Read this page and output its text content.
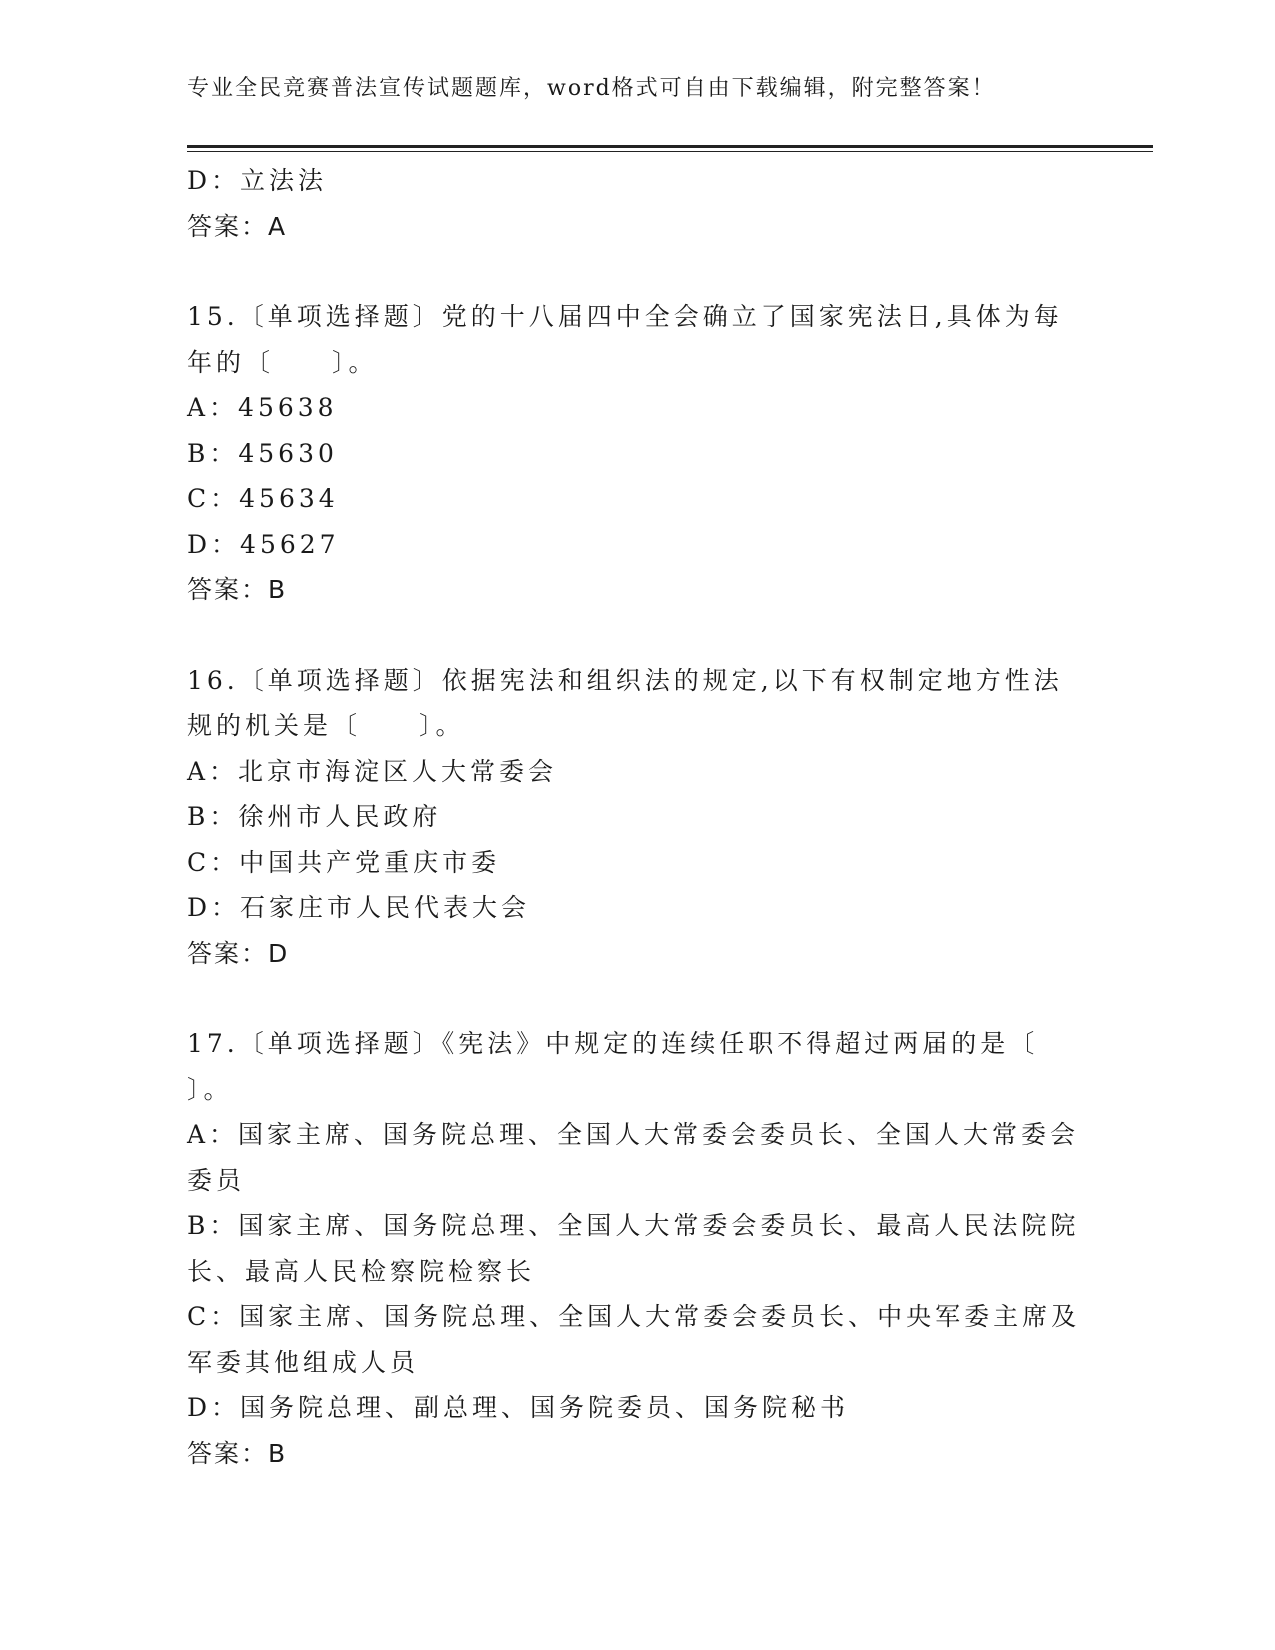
专业全民竞赛普法宣传试题题库，word格式可自由下载编辑，附完整答案！

D：立法法

答案：A

15.〔单项选择题〕党的十八届四中全会确立了国家宪法日,具体为每

年的〔　　〕。

A：45638

B：45630

C：45634

D：45627

答案：B

16.〔单项选择题〕依据宪法和组织法的规定,以下有权制定地方性法

规的机关是〔　　〕。

A：北京市海淀区人大常委会

B：徐州市人民政府

C：中国共产党重庆市委

D：石家庄市人民代表大会

答案：D

17.〔单项选择题〕《宪法》中规定的连续任职不得超过两届的是〔

〕。

A：国家主席、国务院总理、全国人大常委会委员长、全国人大常委会

委员

B：国家主席、国务院总理、全国人大常委会委员长、最高人民法院院

长、最高人民检察院检察长

C：国家主席、国务院总理、全国人大常委会委员长、中央军委主席及

军委其他组成人员

D：国务院总理、副总理、国务院委员、国务院秘书

答案：B
